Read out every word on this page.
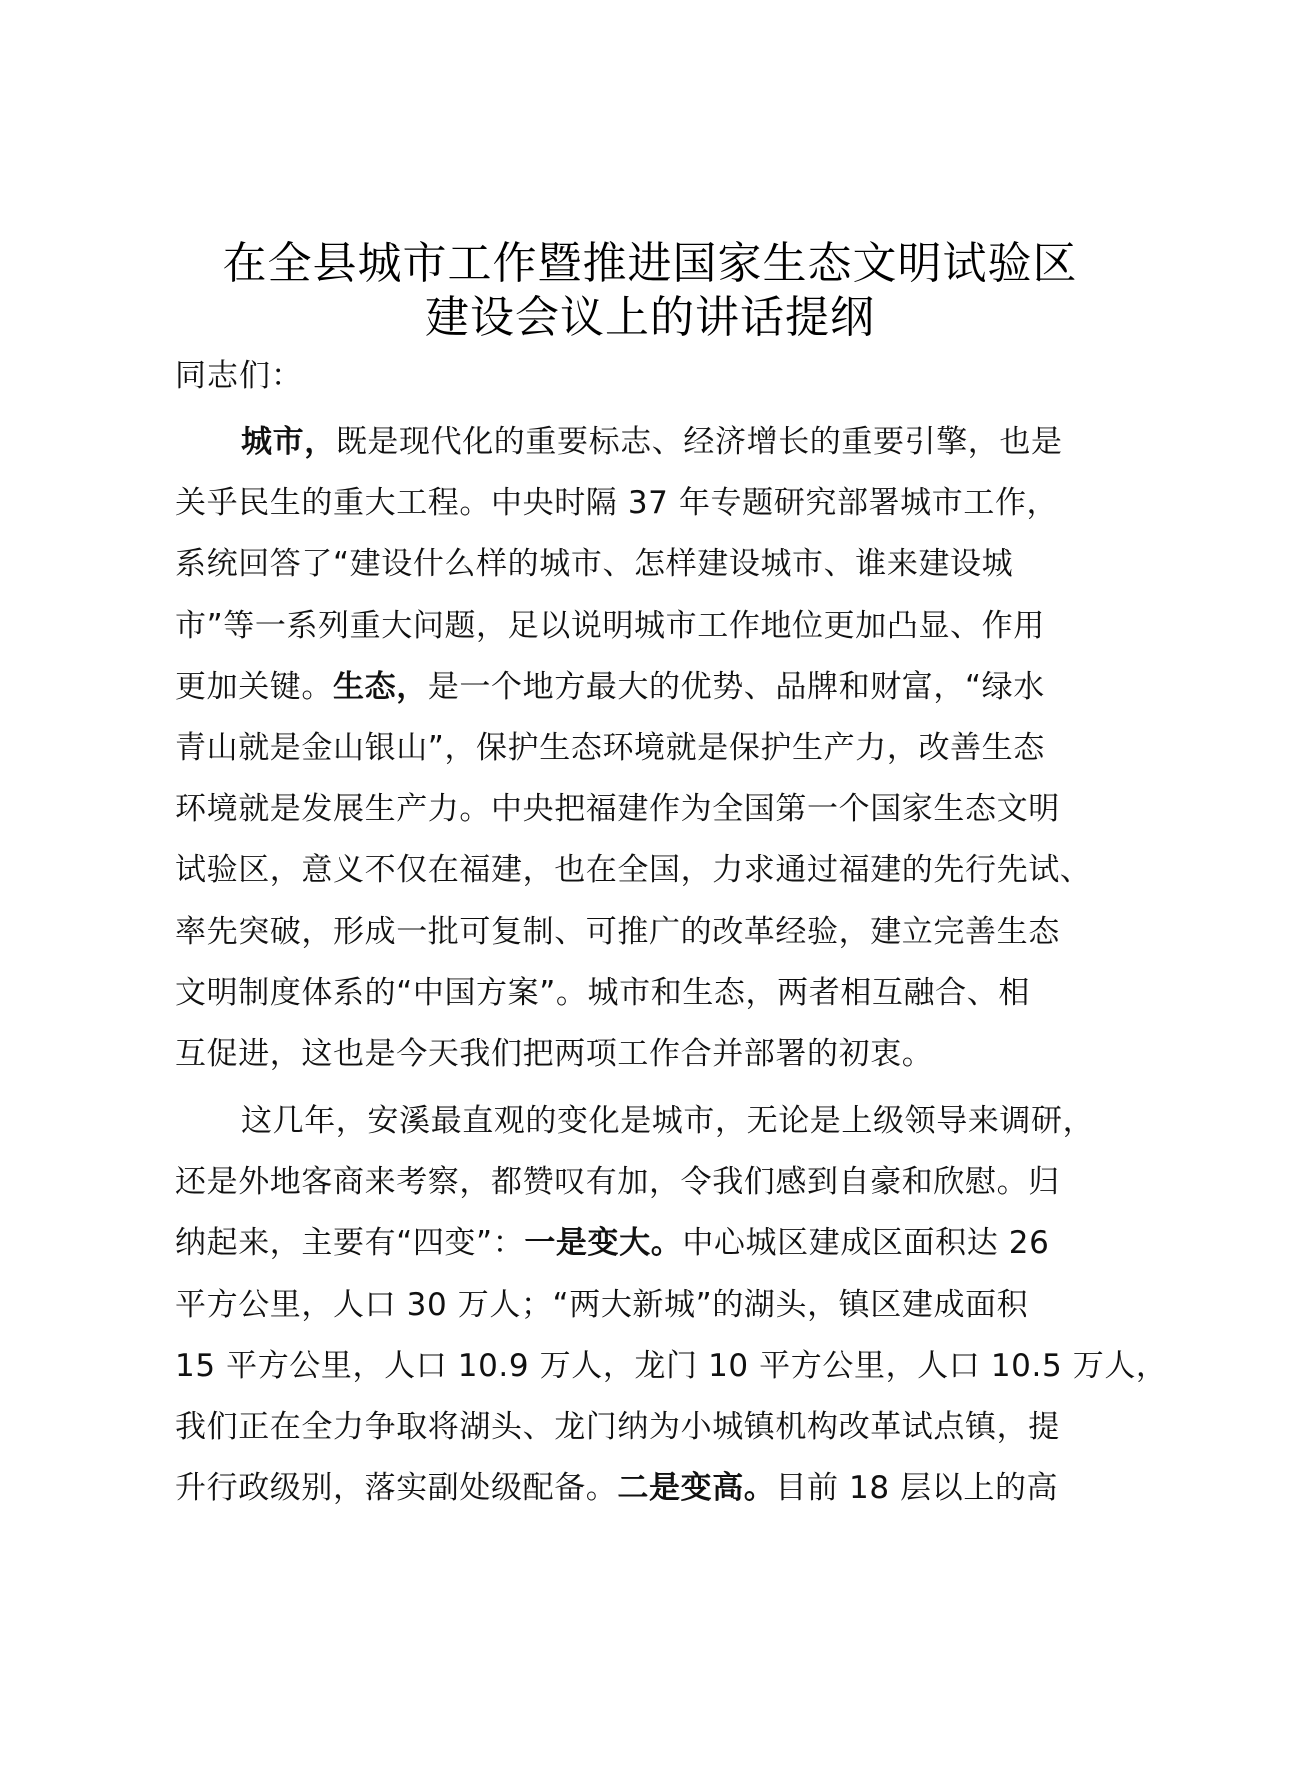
在全县城市工作暨推进国家生态文明试验区
建设会议上的讲话提纲
同志们：
城市，既是现代化的重要标志、经济增长的重要引擎，也是
关乎民生的重大工程。中央时隔 37 年专题研究部署城市工作，
系统回答了“建设什么样的城市、怎样建设城市、谁来建设城
市”等一系列重大问题，足以说明城市工作地位更加凸显、作用
更加关键。生态，是一个地方最大的优势、品牌和财富，“绿水
青山就是金山银山”，保护生态环境就是保护生产力，改善生态
环境就是发展生产力。中央把福建作为全国第一个国家生态文明
试验区，意义不仅在福建，也在全国，力求通过福建的先行先试、
率先突破，形成一批可复制、可推广的改革经验，建立完善生态
文明制度体系的“中国方案”。城市和生态，两者相互融合、相
互促进，这也是今天我们把两项工作合并部署的初衷。
这几年，安溪最直观的变化是城市，无论是上级领导来调研，
还是外地客商来考察，都赞叹有加，令我们感到自豪和欣慰。归
纳起来，主要有“四变”：一是变大。中心城区建成区面积达 26
平方公里，人口 30 万人；“两大新城”的湖头，镇区建成面积
15 平方公里，人口 10.9 万人，龙门 10 平方公里，人口 10.5 万人，
我们正在全力争取将湖头、龙门纳为小城镇机构改革试点镇，提
升行政级别，落实副处级配备。二是变高。目前 18 层以上的高
